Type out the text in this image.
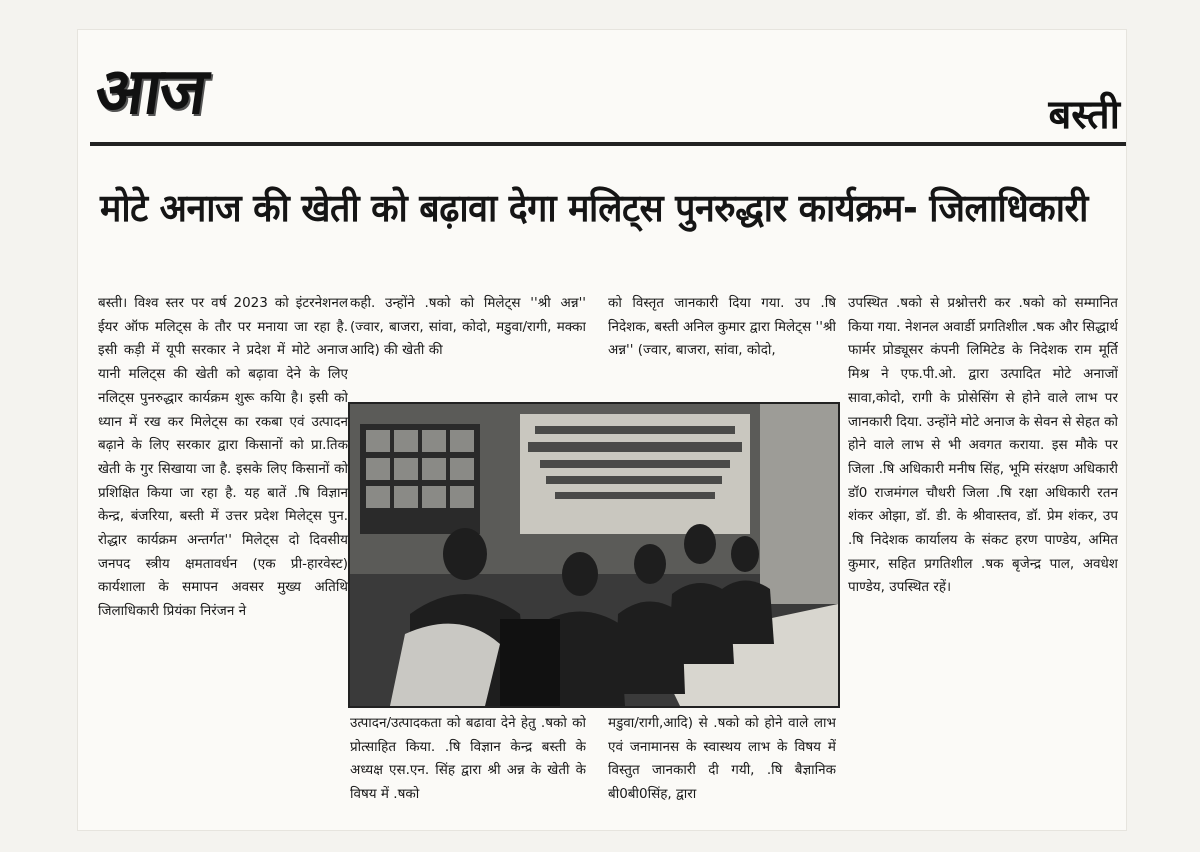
आज	बस्ती
मोटे अनाज की खेती को बढ़ावा देगा मलिट्स पुनरुद्धार कार्यक्रम- जिलाधिकारी

बस्ती। विश्व स्तर पर वर्ष 2023 को इंटरनेशनल ईयर ऑफ मलिट्स के तौर पर मनाया जा रहा है. इसी कड़ी में यूपी सरकार ने प्रदेश में मोटे अनाज यानी मलिट्स की खेती को बढ़ावा देने के लिए नलिट्स पुनरुद्धार कार्यक्रम शुरू कयिा है। इसी को ध्यान में रख कर मिलेट्स का रकबा एवं उत्पादन बढ़ाने के लिए सरकार द्वारा किसानों को प्रा.तिक खेती के गुर सिखाया जा है. इसके लिए किसानों को प्रशिक्षित किया जा रहा है. यह बातें .षि विज्ञान केन्द्र, बंजरिया, बस्ती में उत्तर प्रदेश मिलेट्स पुन. रोद्धार कार्यक्रम अन्तर्गत'' मिलेट्स दो दिवसीय जनपद स्त्रीय क्षमतावर्धन (एक प्री-हारवेस्ट) कार्यशाला के समापन अवसर मुख्य अतिथि जिलाधिकारी प्रियंका निरंजन ने

कही. उन्होंने .षको को मिलेट्स ''श्री अन्न'' (ज्वार, बाजरा, सांवा, कोदो, मडुवा/रागी, मक्का आदि) की खेती की

को विस्तृत जानकारी दिया गया. उप .षि निदेशक, बस्ती अनिल कुमार द्वारा मिलेट्स ''श्री अन्न'' (ज्वार, बाजरा, सांवा, कोदो,

उपस्थित .षको से प्रश्नोत्तरी कर .षको को सम्मानित किया गया. नेशनल अवार्डी प्रगतिशील .षक और सिद्धार्थ फार्मर प्रोड्यूसर कंपनी लिमिटेड के निदेशक राम मूर्ति मिश्र ने एफ.पी.ओ. द्वारा उत्पादित मोटे अनाजों सावा,कोदो, रागी के प्रोसेसिंग से होने वाले लाभ पर जानकारी दिया. उन्होंने मोटे अनाज के सेवन से सेहत को होने वाले लाभ से भी अवगत कराया. इस मौके पर जिला .षि अधिकारी मनीष सिंह, भूमि संरक्षण अधिकारी डॉ0 राजमंगल चौधरी जिला .षि रक्षा अधिकारी रतन शंकर ओझा, डॉ. डी. के श्रीवास्तव, डॉ. प्रेम शंकर, उप .षि निदेशक कार्यालय के संकट हरण पाण्डेय, अमित कुमार, सहित प्रगतिशील .षक बृजेन्द्र पाल, अवधेश पाण्डेय, उपस्थित रहें।

उत्पादन/उत्पादकता को बढावा देने हेतु .षको को प्रोत्साहित किया. .षि विज्ञान केन्द्र बस्ती के अध्यक्ष एस.एन. सिंह द्वारा श्री अन्न के खेती के विषय में .षको

मडुवा/रागी,आदि) से .षको को होने वाले लाभ एवं जनामानस के स्वास्थय लाभ के विषय में विस्तुत जानकारी दी गयी, .षि बैज्ञानिक बी0बी0सिंह, द्वारा
